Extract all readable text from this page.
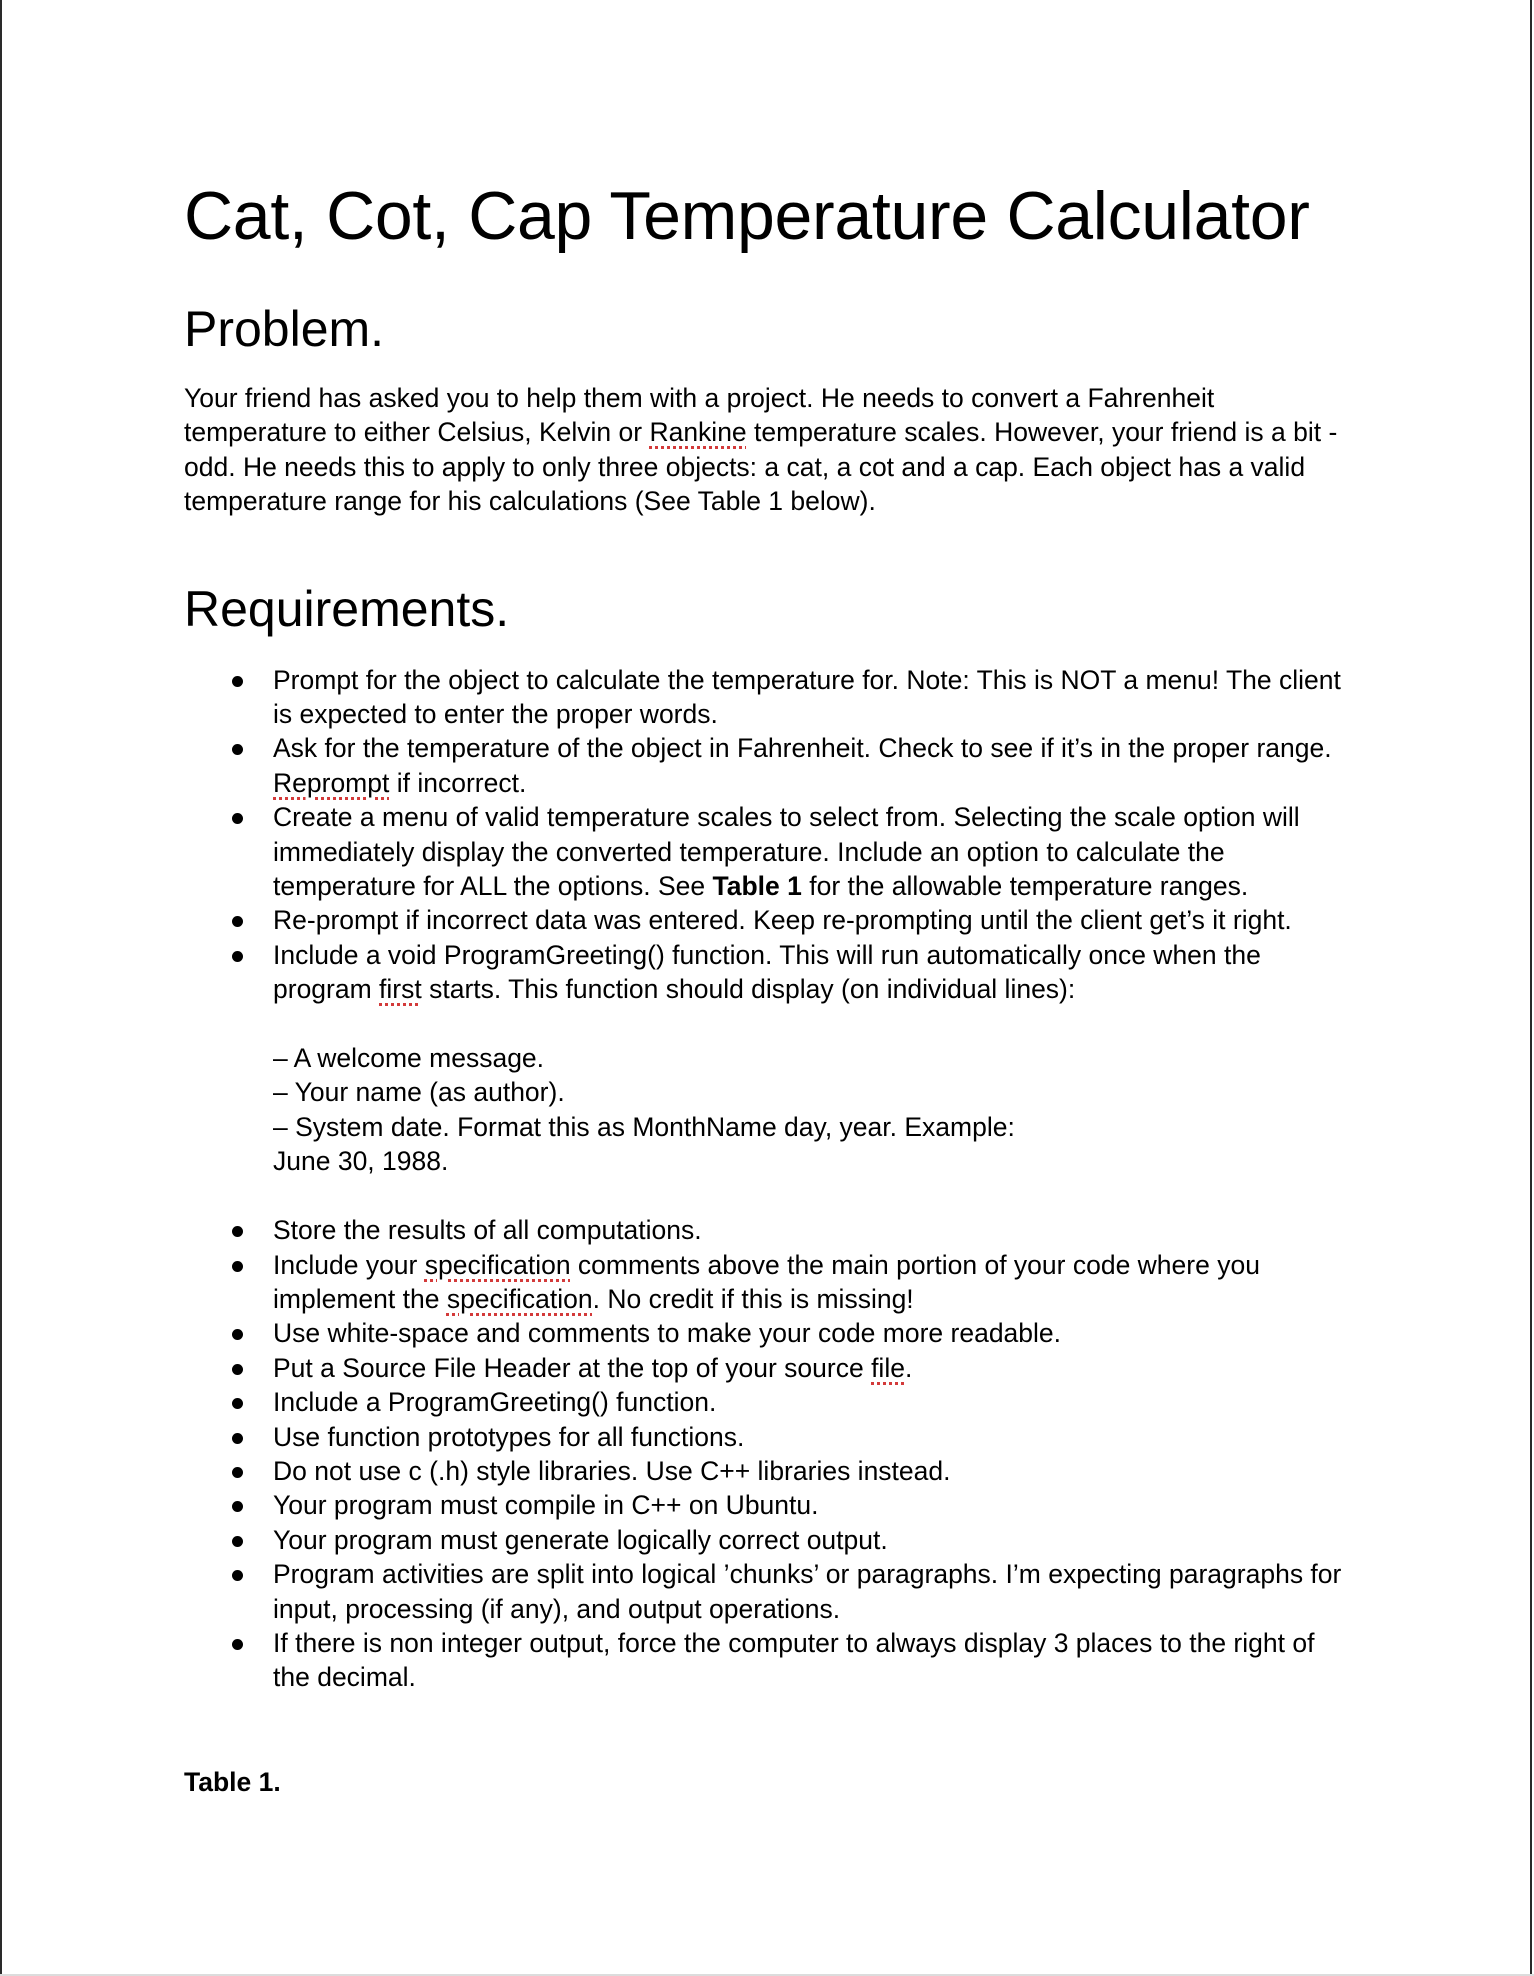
Cat, Cot, Cap Temperature Calculator
Problem.

Your friend has asked you to help them with a project. He needs to convert a Fahrenheit temperature to either Celsius, Kelvin or Rankine temperature scales. However, your friend is a bit - odd. He needs this to apply to only three objects: a cat, a cot and a cap. Each object has a valid temperature range for his calculations (See Table 1 below).

Requirements.
Prompt for the object to calculate the temperature for. Note: This is NOT a menu! The client is expected to enter the proper words.
Ask for the temperature of the object in Fahrenheit. Check to see if it’s in the proper range. Reprompt if incorrect.
Create a menu of valid temperature scales to select from. Selecting the scale option will immediately display the converted temperature. Include an option to calculate the temperature for ALL the options. See Table 1 for the allowable temperature ranges.
Re-prompt if incorrect data was entered. Keep re-prompting until the client get’s it right.
Include a void ProgramGreeting() function. This will run automatically once when the program first starts. This function should display (on individual lines):
– A welcome message.
– Your name (as author).
– System date. Format this as MonthName day, year. Example:
June 30, 1988.
Store the results of all computations.
Include your specification comments above the main portion of your code where you implement the specification. No credit if this is missing!
Use white-space and comments to make your code more readable.
Put a Source File Header at the top of your source file.
Include a ProgramGreeting() function.
Use function prototypes for all functions.
Do not use c (.h) style libraries. Use C++ libraries instead.
Your program must compile in C++ on Ubuntu.
Your program must generate logically correct output.
Program activities are split into logical ’chunks’ or paragraphs. I’m expecting paragraphs for input, processing (if any), and output operations.
If there is non integer output, force the computer to always display 3 places to the right of the decimal.
Table 1.
